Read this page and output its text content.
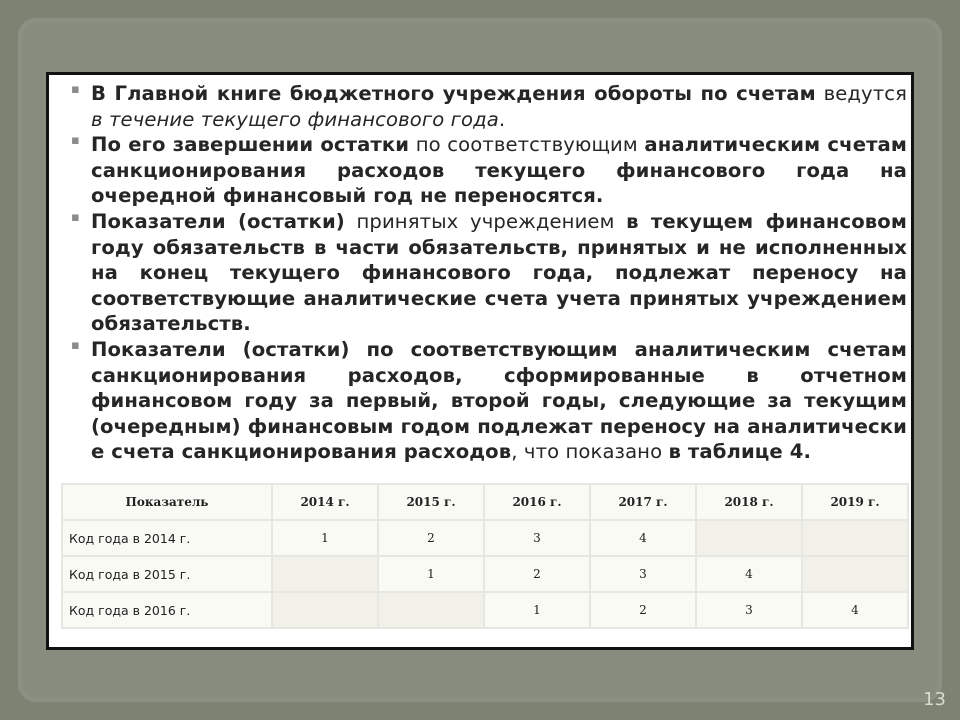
▪ В Главной книге бюджетного учреждения обороты по счетам ведутся в течение текущего финансового года.
▪ По его завершении остатки по соответствующим аналитическим счетам санкционирования расходов текущего финансового года на очередной финансовый год не переносятся.
▪ Показатели (остатки) принятых учреждением в текущем финансовом году обязательств в части обязательств, принятых и не исполненных на конец текущего финансового года, подлежат переносу на соответствующие аналитические счета учета принятых учреждением обязательств.
▪ Показатели (остатки) по соответствующим аналитическим счетам санкционирования расходов, сформированные в отчетном финансовом году за первый, второй годы, следующие за текущим (очередным) финансовым годом подлежат переносу на аналитически е счета санкционирования расходов, что показано в таблице 4.
Показатель	2014 г.	2015 г.	2016 г.	2017 г.	2018 г.	2019 г.
Код года в 2014 г.	1	2	3	4		
Код года в 2015 г.		1	2	3	4	
Код года в 2016 г.			1	2	3	4
13
